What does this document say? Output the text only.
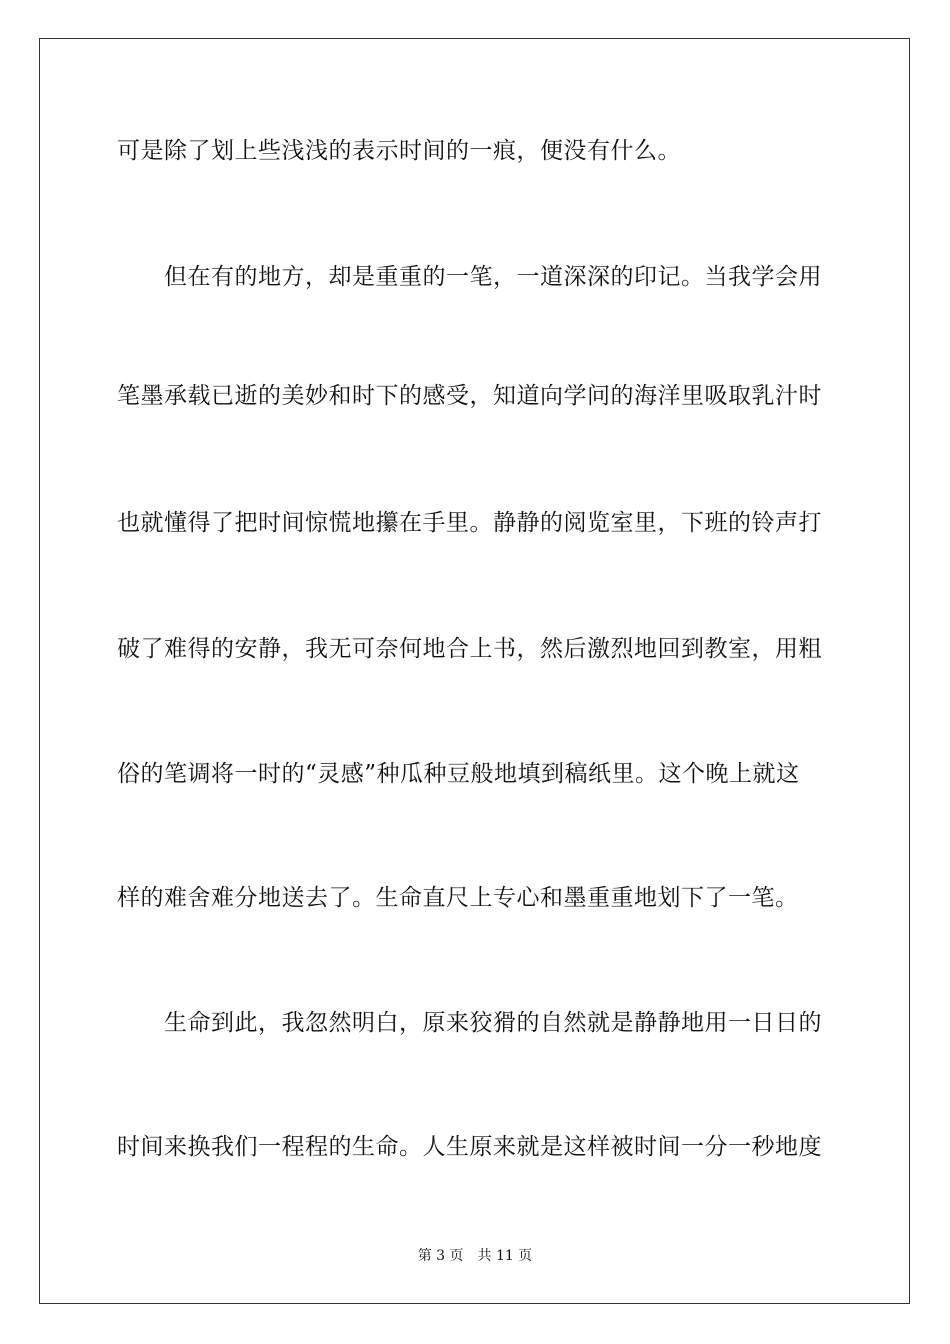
可是除了划上些浅浅的表示时间的一痕，便没有什么。
　　但在有的地方，却是重重的一笔，一道深深的印记。当我学会用
笔墨承载已逝的美妙和时下的感受，知道向学问的海洋里吸取乳汁时
也就懂得了把时间惊慌地攥在手里。静静的阅览室里，下班的铃声打
破了难得的安静，我无可奈何地合上书，然后激烈地回到教室，用粗
俗的笔调将一时的“灵感”种瓜种豆般地填到稿纸里。这个晚上就这
样的难舍难分地送去了。生命直尺上专心和墨重重地划下了一笔。
　　生命到此，我忽然明白，原来狡猾的自然就是静静地用一日日的
时间来换我们一程程的生命。人生原来就是这样被时间一分一秒地度
第 3 页 共 11 页
